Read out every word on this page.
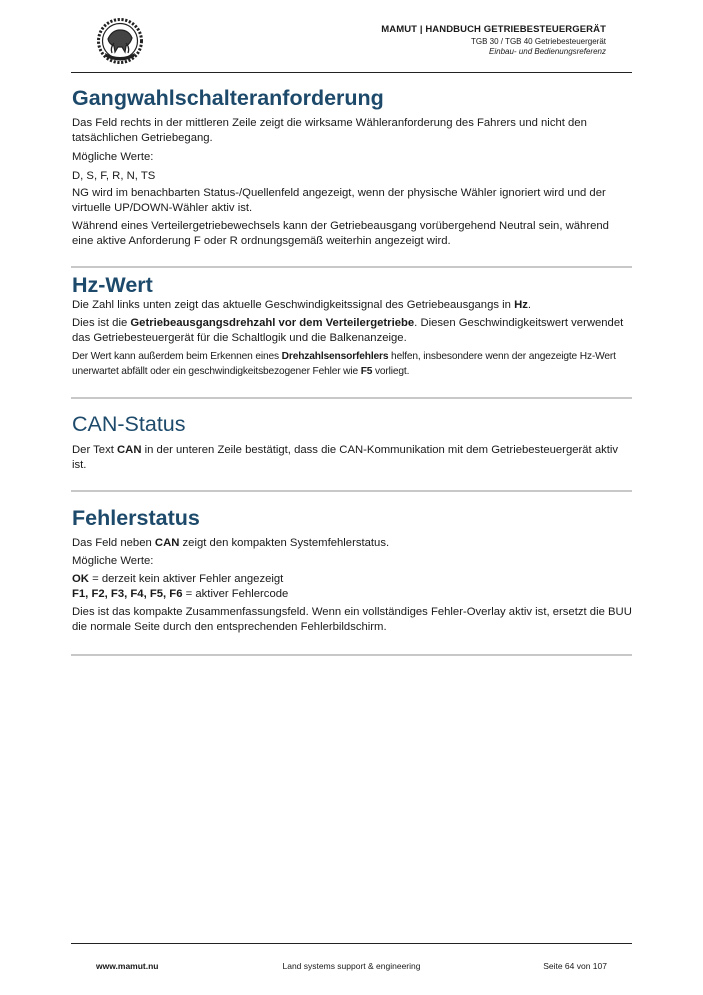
MAMUT | HANDBUCH GETRIEBESTEUERGERÄT
TGB 30 / TGB 40 Getriebesteuergerät
Einbau- und Bedienungsreferenz
Gangwahlschalteranforderung

Das Feld rechts in der mittleren Zeile zeigt die wirksame Wähleranforderung des Fahrers und nicht den tatsächlichen Getriebegang.

Mögliche Werte:

D, S, F, R, N, TS

NG wird im benachbarten Status-/Quellenfeld angezeigt, wenn der physische Wähler ignoriert wird und der virtuelle UP/DOWN-Wähler aktiv ist.

Während eines Verteilergetriebewechsels kann der Getriebeausgang vorübergehend Neutral sein, während eine aktive Anforderung F oder R ordnungsgemäß weiterhin angezeigt wird.

Hz-Wert

Die Zahl links unten zeigt das aktuelle Geschwindigkeitssignal des Getriebeausgangs in Hz.

Dies ist die Getriebeausgangsdrehzahl vor dem Verteilergetriebe. Diesen Geschwindigkeitswert verwendet das Getriebesteuergerät für die Schaltlogik und die Balkenanzeige.

Der Wert kann außerdem beim Erkennen eines Drehzahlsensorfehlers helfen, insbesondere wenn der angezeigte Hz-Wert unerwartet abfällt oder ein geschwindigkeitsbezogener Fehler wie F5 vorliegt.

CAN-Status

Der Text CAN in der unteren Zeile bestätigt, dass die CAN-Kommunikation mit dem Getriebesteuergerät aktiv ist.

Fehlerstatus

Das Feld neben CAN zeigt den kompakten Systemfehlerstatus.

Mögliche Werte:

OK = derzeit kein aktiver Fehler angezeigt

F1, F2, F3, F4, F5, F6 = aktiver Fehlercode

Dies ist das kompakte Zusammenfassungsfeld. Wenn ein vollständiges Fehler-Overlay aktiv ist, ersetzt die BUU die normale Seite durch den entsprechenden Fehlerbildschirm.

Land systems support & engineering
www.mamut.nu	Seite 64 von 107
